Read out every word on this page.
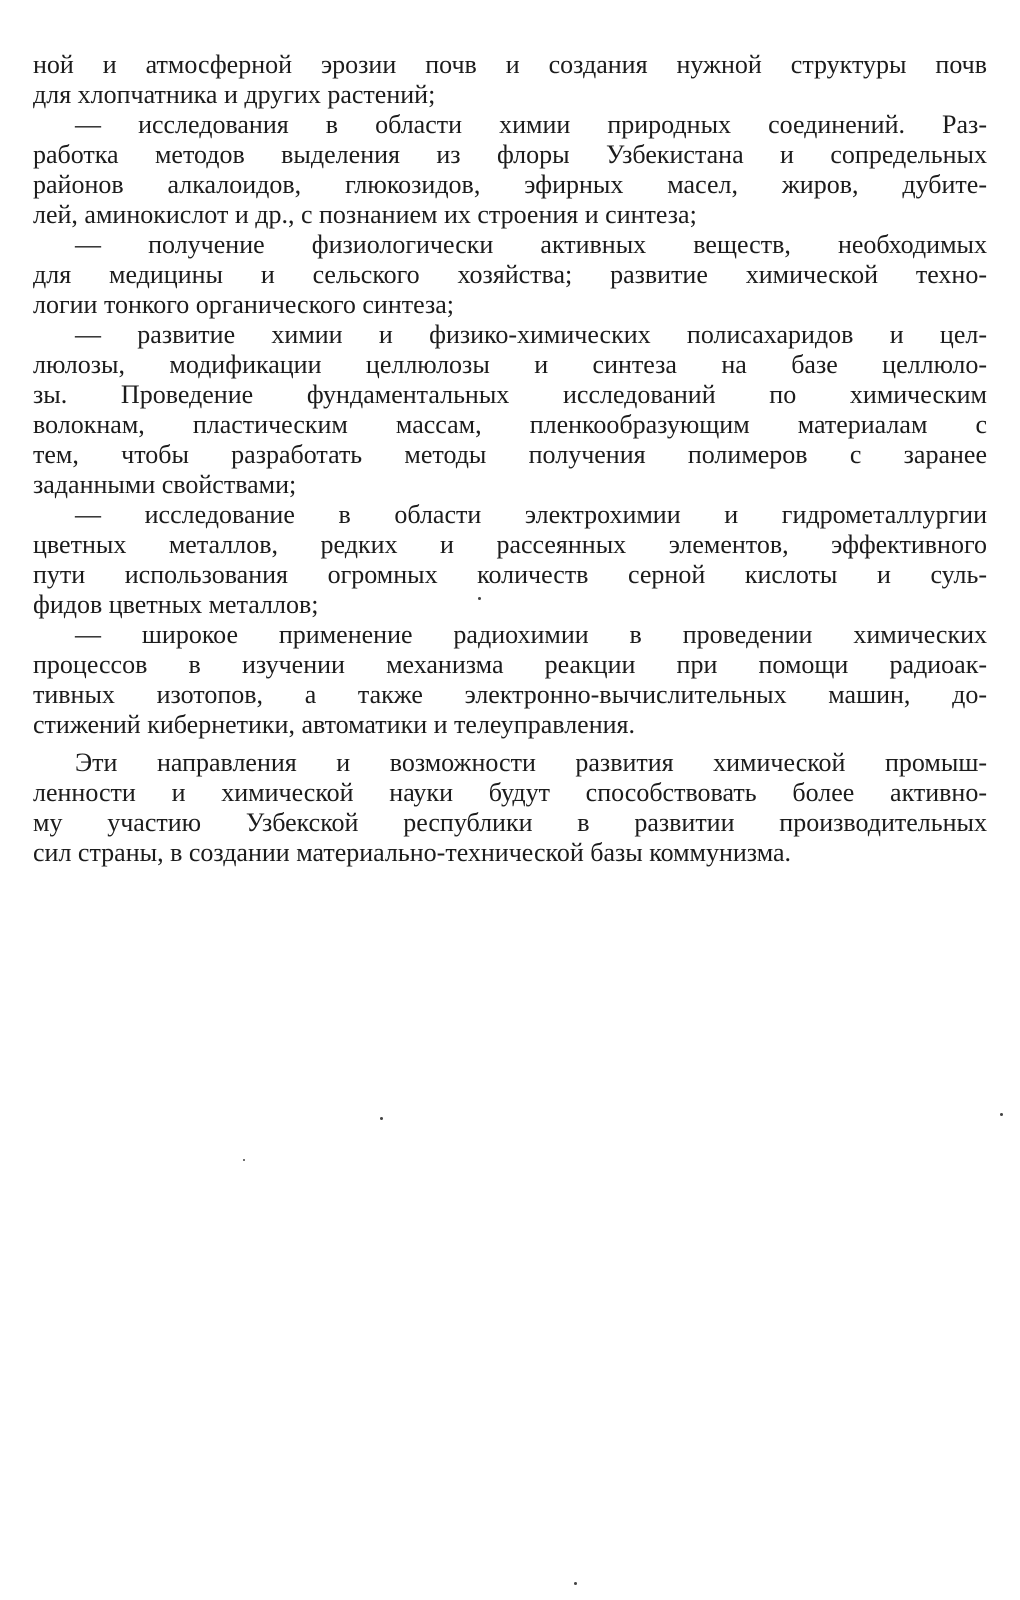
ной и атмосферной эрозии почв и создания нужной структуры почв
для хлопчатника и других растений;
— исследования в области химии природных соединений. Раз-
работка методов выделения из флоры Узбекистана и сопредельных
районов алкалоидов, глюкозидов, эфирных масел, жиров, дубите-
лей, аминокислот и др., с познанием их строения и синтеза;
— получение физиологически активных веществ, необходимых
для медицины и сельского хозяйства; развитие химической техно-
логии тонкого органического синтеза;
— развитие химии и физико-химических полисахаридов и цел-
люлозы, модификации целлюлозы и синтеза на базе целлюло-
зы. Проведение фундаментальных исследований по химическим
волокнам, пластическим массам, пленкообразующим материалам с
тем, чтобы разработать методы получения полимеров с заранее
заданными свойствами;
— исследование в области электрохимии и гидрометаллургии
цветных металлов, редких и рассеянных элементов, эффективного
пути использования огромных количеств серной кислоты и суль-
фидов цветных металлов;
— широкое применение радиохимии в проведении химических
процессов в изучении механизма реакции при помощи радиоак-
тивных изотопов, а также электронно-вычислительных машин, до-
стижений кибернетики, автоматики и телеуправления.
Эти направления и возможности развития химической промыш-
ленности и химической науки будут способствовать более активно-
му участию Узбекской республики в развитии производительных
сил страны, в создании материально-технической базы коммунизма.
